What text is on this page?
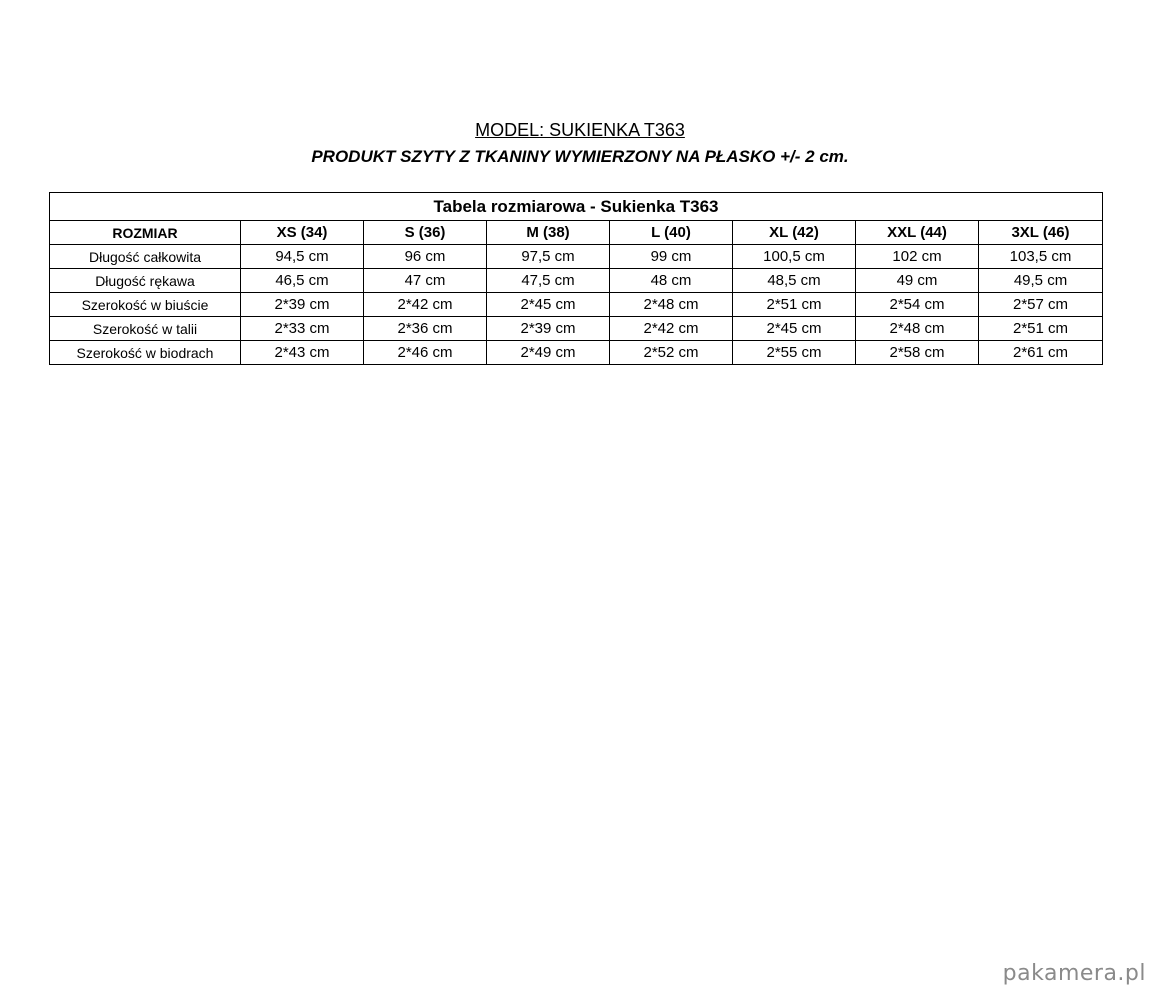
MODEL: SUKIENKA T363
PRODUKT SZYTY Z TKANINY WYMIERZONY NA PŁASKO +/- 2 cm.
Tabela rozmiarowa - Sukienka T363							
ROZMIAR	XS (34)	S (36)	M (38)	L (40)	XL (42)	XXL (44)	3XL (46)
Długość całkowita	94,5 cm	96 cm	97,5 cm	99 cm	100,5 cm	102 cm	103,5 cm
Długość rękawa	46,5 cm	47 cm	47,5 cm	48 cm	48,5 cm	49 cm	49,5 cm
Szerokość w biuście	2*39 cm	2*42 cm	2*45 cm	2*48 cm	2*51 cm	2*54 cm	2*57 cm
Szerokość w talii	2*33 cm	2*36 cm	2*39 cm	2*42 cm	2*45 cm	2*48 cm	2*51 cm
Szerokość w biodrach	2*43 cm	2*46 cm	2*49 cm	2*52 cm	2*55 cm	2*58 cm	2*61 cm
pakamera.pl
